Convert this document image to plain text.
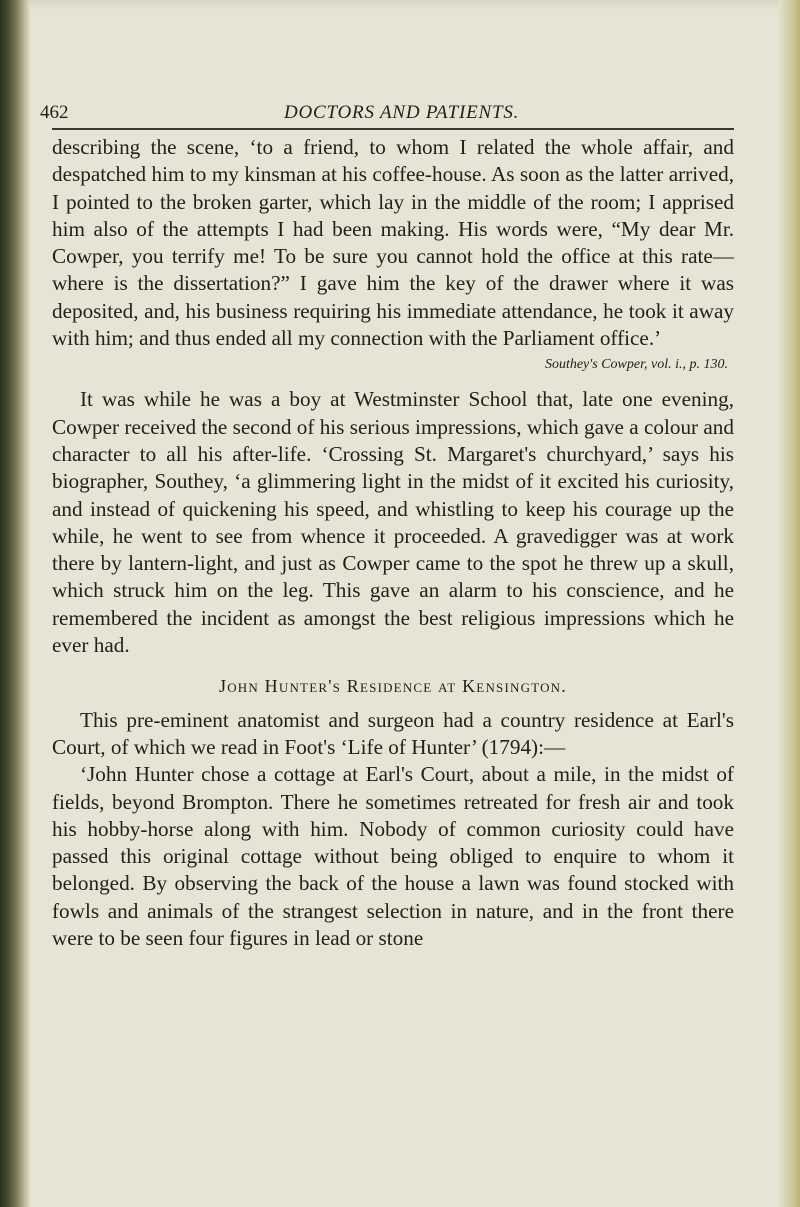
462	DOCTORS AND PATIENTS.

describing the scene, ‘to a friend, to whom I related the whole affair, and despatched him to my kinsman at his coffee-house. As soon as the latter arrived, I pointed to the broken garter, which lay in the middle of the room; I apprised him also of the attempts I had been making. His words were, “My dear Mr. Cowper, you terrify me! To be sure you cannot hold the office at this rate—where is the dissertation?” I gave him the key of the drawer where it was deposited, and, his business requiring his immediate attendance, he took it away with him; and thus ended all my connection with the Parliament office.’

Southey's Cowper, vol. i., p. 130.

It was while he was a boy at Westminster School that, late one evening, Cowper received the second of his serious impressions, which gave a colour and character to all his after-life. ‘Crossing St. Margaret's churchyard,’ says his biographer, Southey, ‘a glimmering light in the midst of it excited his curiosity, and instead of quickening his speed, and whistling to keep his courage up the while, he went to see from whence it proceeded. A gravedigger was at work there by lantern-light, and just as Cowper came to the spot he threw up a skull, which struck him on the leg. This gave an alarm to his conscience, and he remembered the incident as amongst the best religious impressions which he ever had.

John Hunter's Residence at Kensington.

This pre-eminent anatomist and surgeon had a country residence at Earl's Court, of which we read in Foot's ‘Life of Hunter’ (1794):—

‘John Hunter chose a cottage at Earl's Court, about a mile, in the midst of fields, beyond Brompton. There he sometimes retreated for fresh air and took his hobby-horse along with him. Nobody of common curiosity could have passed this original cottage without being obliged to enquire to whom it belonged. By observing the back of the house a lawn was found stocked with fowls and animals of the strangest selection in nature, and in the front there were to be seen four figures in lead or stone
